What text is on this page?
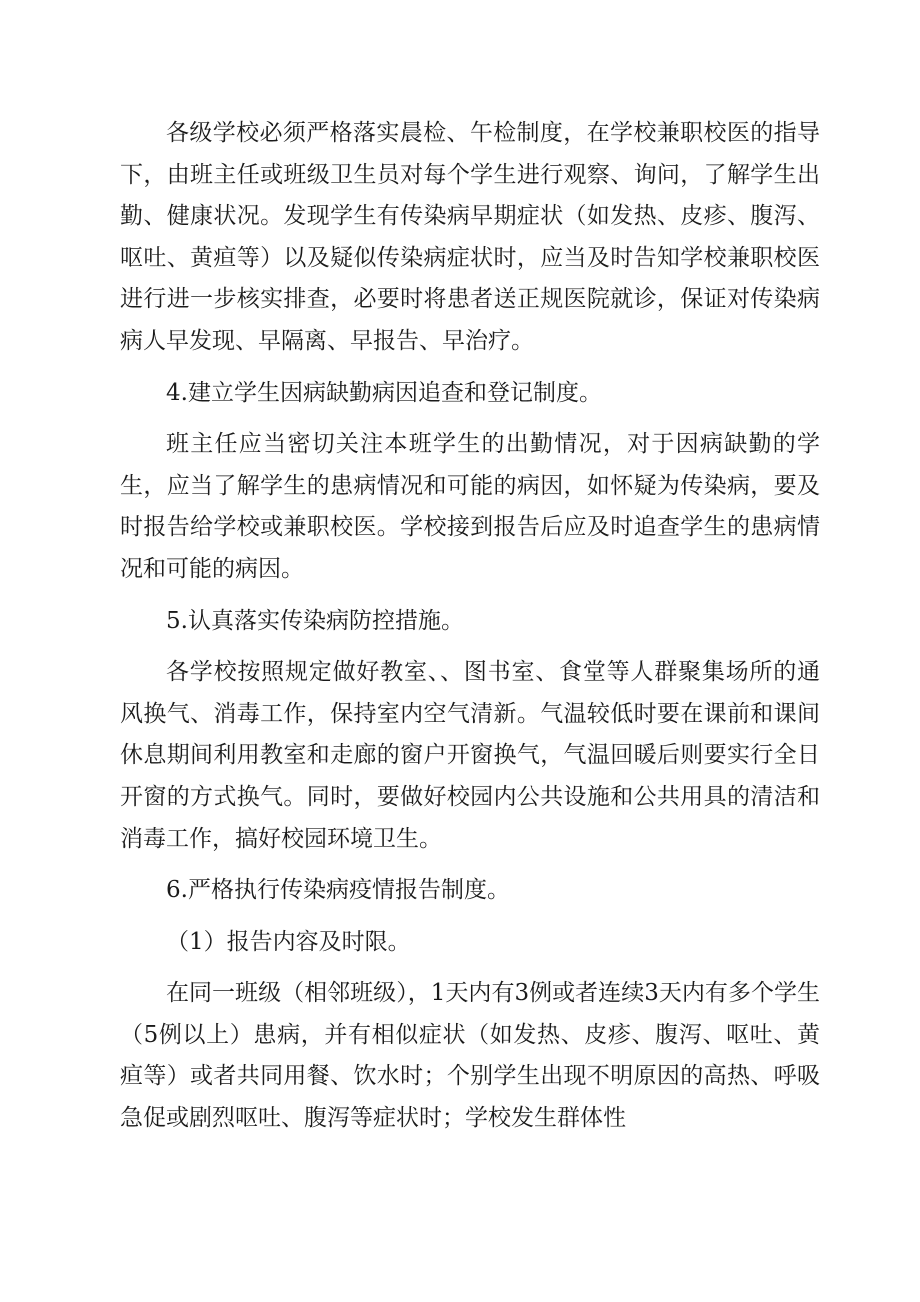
各级学校必须严格落实晨检、午检制度，在学校兼职校医的指导下，由班主任或班级卫生员对每个学生进行观察、询问，了解学生出勤、健康状况。发现学生有传染病早期症状（如发热、皮疹、腹泻、呕吐、黄疸等）以及疑似传染病症状时，应当及时告知学校兼职校医进行进一步核实排查，必要时将患者送正规医院就诊，保证对传染病病人早发现、早隔离、早报告、早治疗。

4.建立学生因病缺勤病因追查和登记制度。

班主任应当密切关注本班学生的出勤情况，对于因病缺勤的学生，应当了解学生的患病情况和可能的病因，如怀疑为传染病，要及时报告给学校或兼职校医。学校接到报告后应及时追查学生的患病情况和可能的病因。

5.认真落实传染病防控措施。

各学校按照规定做好教室、、图书室、食堂等人群聚集场所的通风换气、消毒工作，保持室内空气清新。气温较低时要在课前和课间休息期间利用教室和走廊的窗户开窗换气，气温回暖后则要实行全日开窗的方式换气。同时，要做好校园内公共设施和公共用具的清洁和消毒工作，搞好校园环境卫生。

6.严格执行传染病疫情报告制度。

（1）报告内容及时限。

在同一班级（相邻班级），1天内有3例或者连续3天内有多个学生（5例以上）患病，并有相似症状（如发热、皮疹、腹泻、呕吐、黄疸等）或者共同用餐、饮水时；个别学生出现不明原因的高热、呼吸急促或剧烈呕吐、腹泻等症状时；学校发生群体性
